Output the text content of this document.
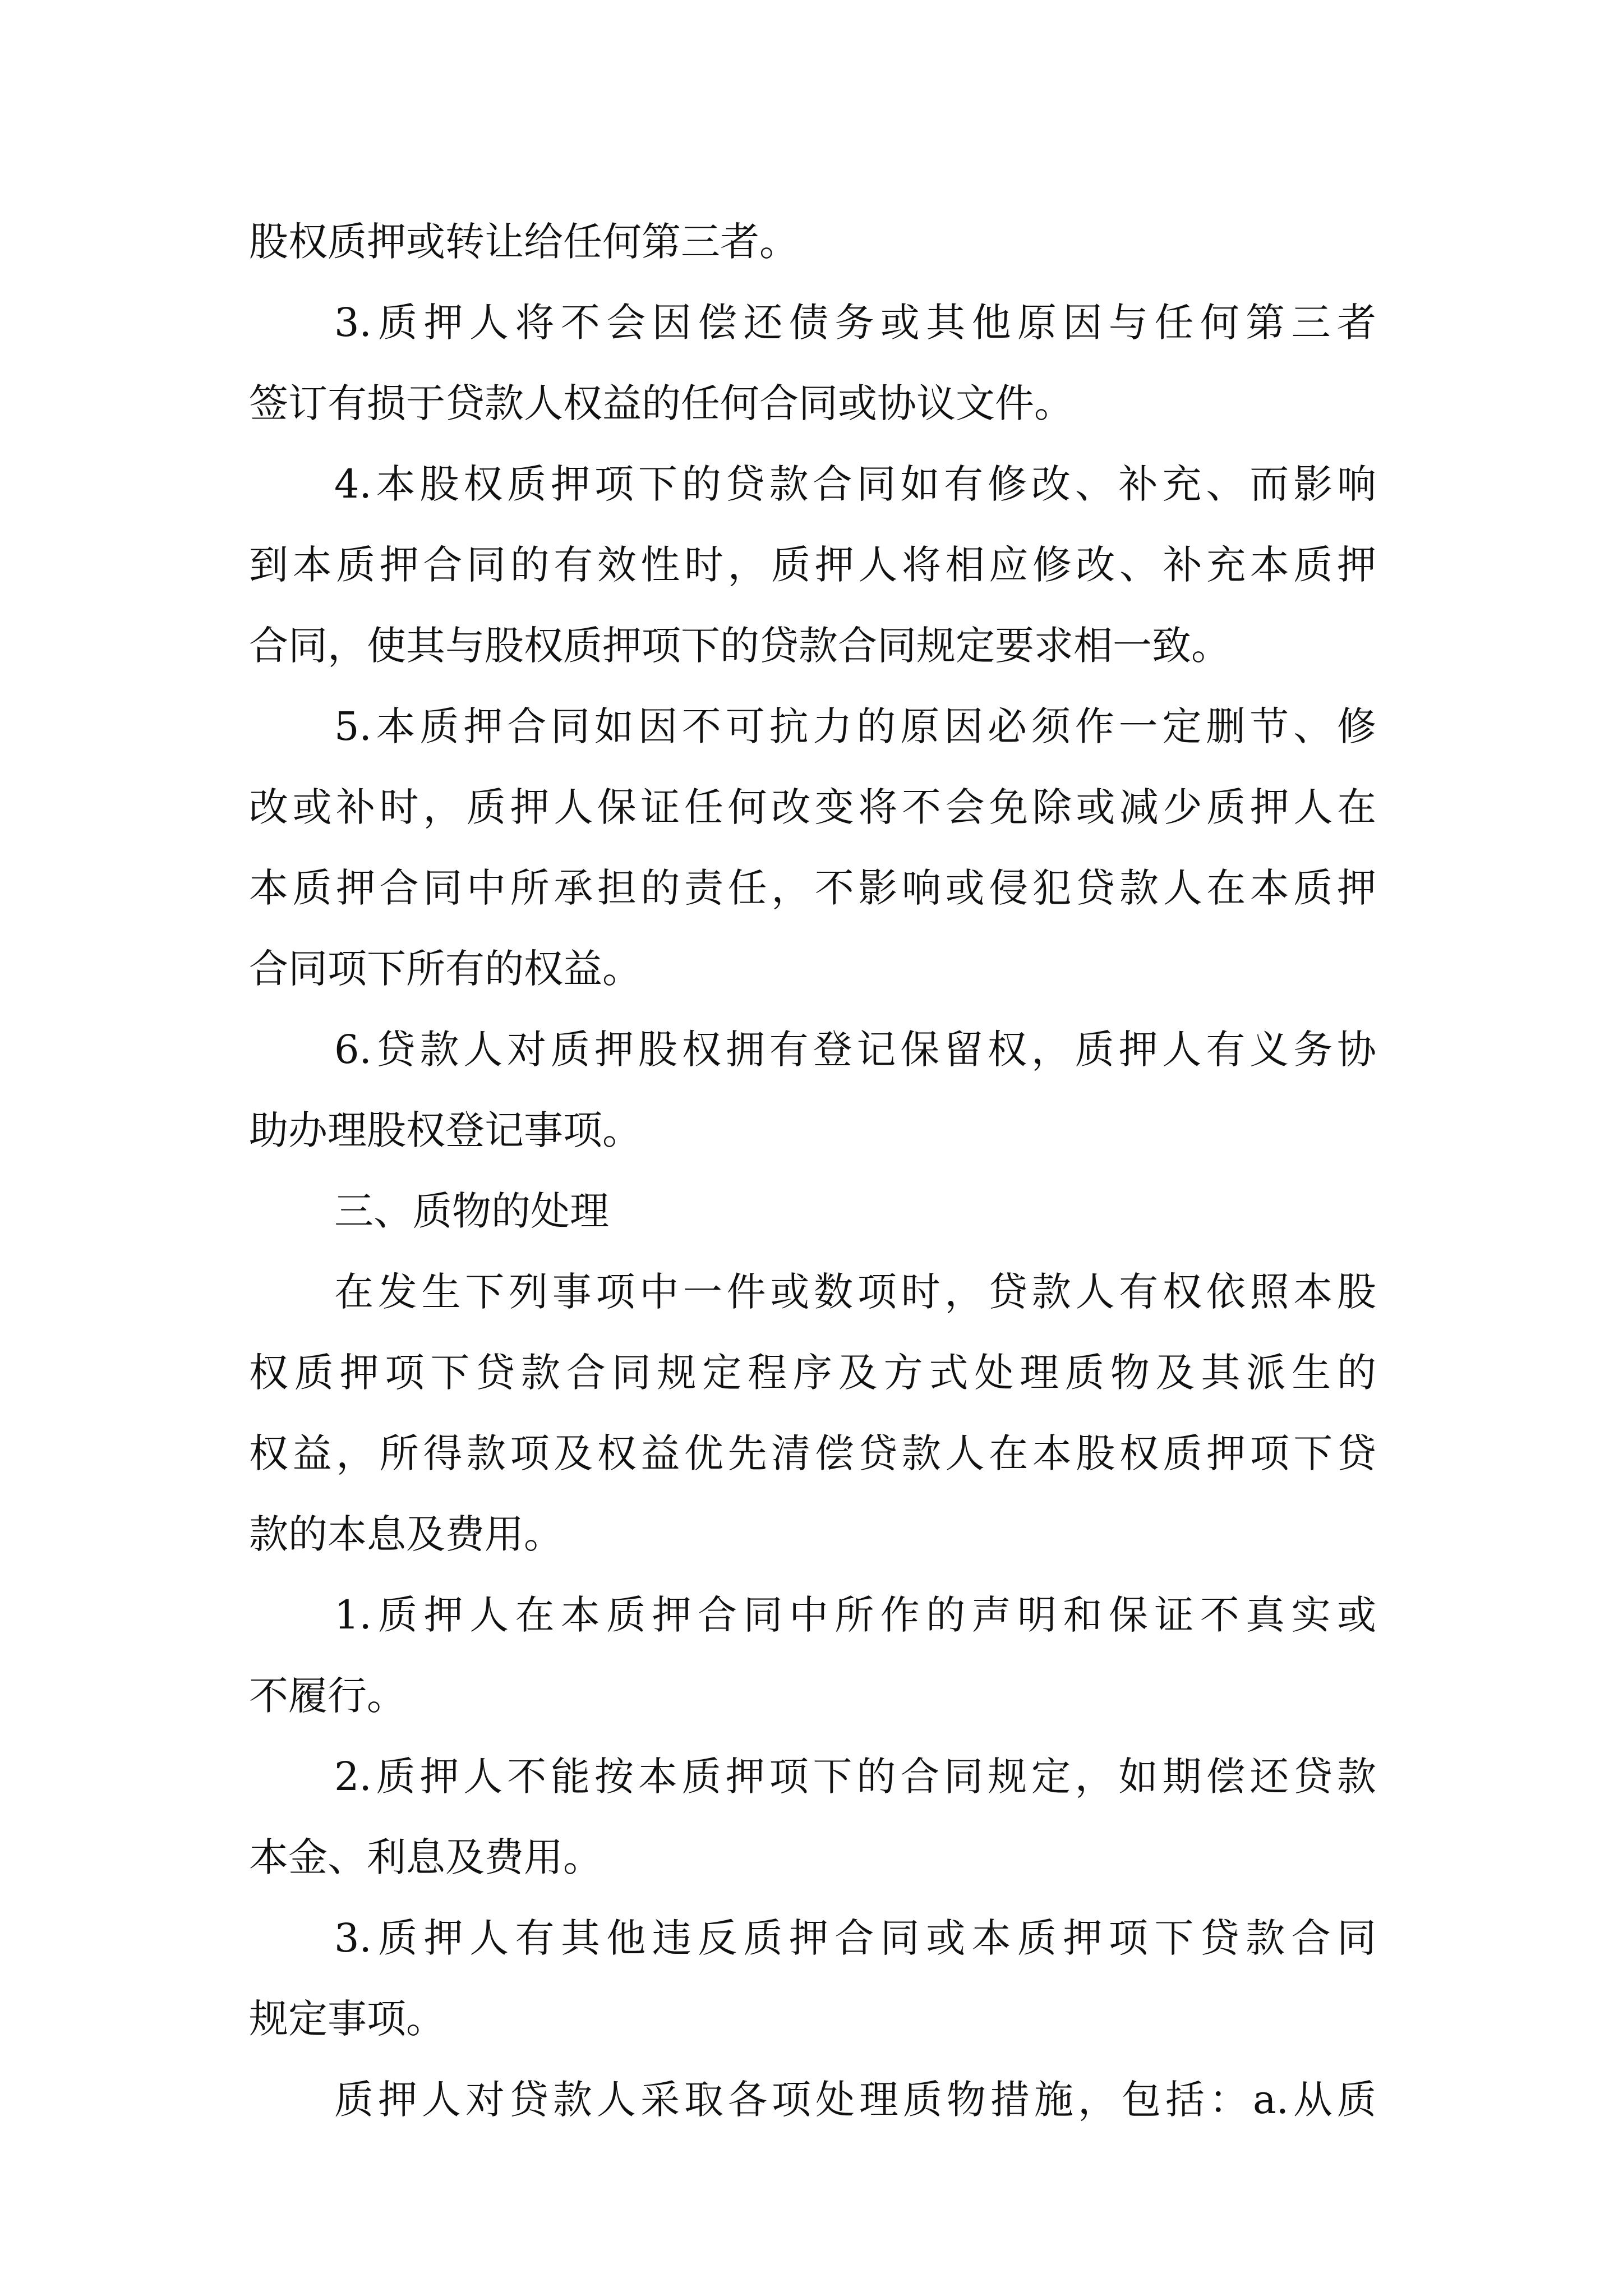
股权质押或转让给任何第三者。
3.质押人将不会因偿还债务或其他原因与任何第三者
签订有损于贷款人权益的任何合同或协议文件。
4.本股权质押项下的贷款合同如有修改、补充、而影响
到本质押合同的有效性时，质押人将相应修改、补充本质押
合同，使其与股权质押项下的贷款合同规定要求相一致。
5.本质押合同如因不可抗力的原因必须作一定删节、修
改或补时，质押人保证任何改变将不会免除或减少质押人在
本质押合同中所承担的责任，不影响或侵犯贷款人在本质押
合同项下所有的权益。
6.贷款人对质押股权拥有登记保留权，质押人有义务协
助办理股权登记事项。
三、质物的处理
在发生下列事项中一件或数项时，贷款人有权依照本股
权质押项下贷款合同规定程序及方式处理质物及其派生的
权益，所得款项及权益优先清偿贷款人在本股权质押项下贷
款的本息及费用。
1.质押人在本质押合同中所作的声明和保证不真实或
不履行。
2.质押人不能按本质押项下的合同规定，如期偿还贷款
本金、利息及费用。
3.质押人有其他违反质押合同或本质押项下贷款合同
规定事项。
质押人对贷款人采取各项处理质物措施，包括：a.从质
